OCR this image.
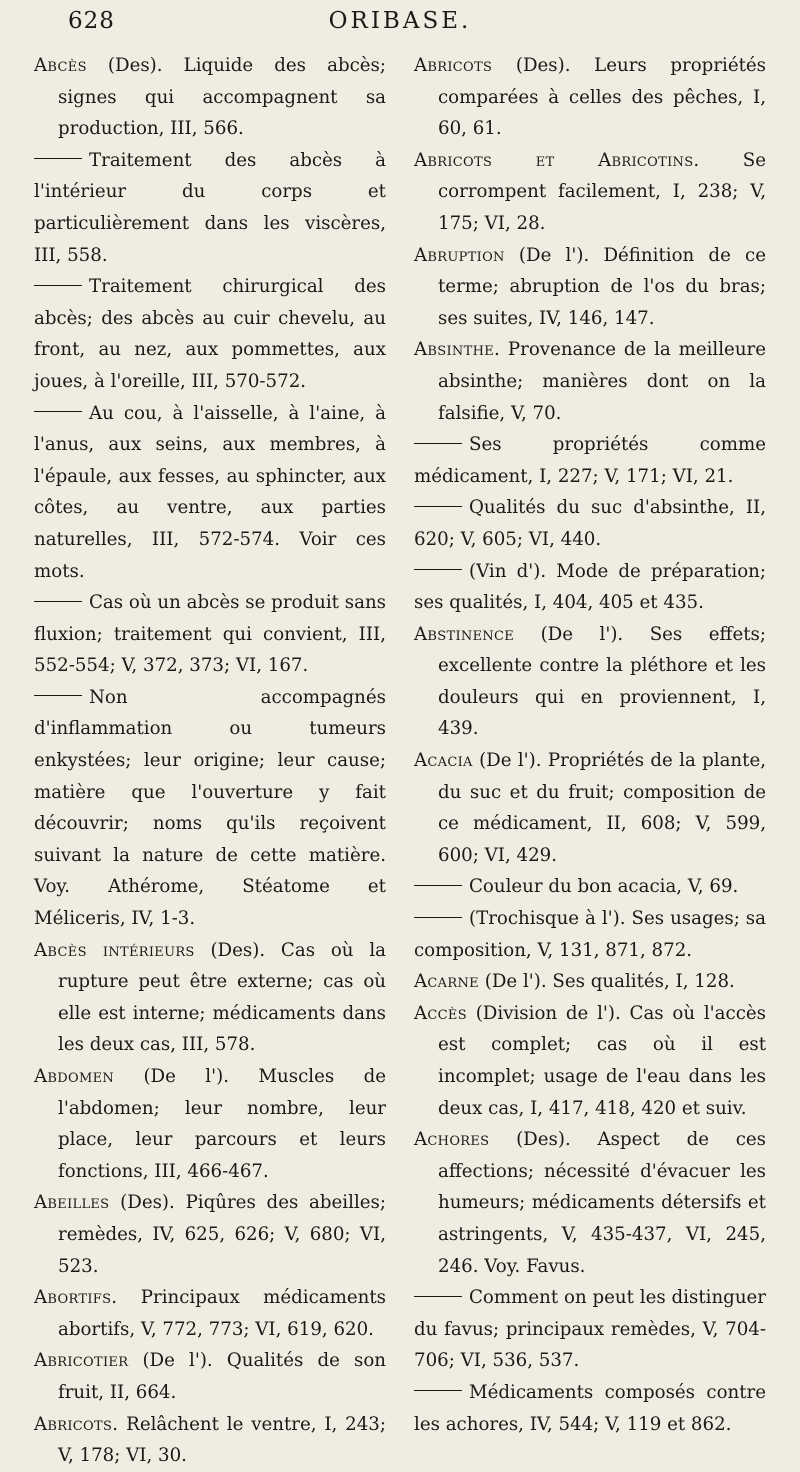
628	ORIBASE.

Abcès (Des). Liquide des abcès; signes qui accompagnent sa production, III, 566.

Traitement des abcès à l'intérieur du corps et particulièrement dans les viscères, III, 558.

Traitement chirurgical des abcès; des abcès au cuir chevelu, au front, au nez, aux pommettes, aux joues, à l'oreille, III, 570-572.

Au cou, à l'aisselle, à l'aine, à l'anus, aux seins, aux membres, à l'épaule, aux fesses, au sphincter, aux côtes, au ventre, aux parties naturelles, III, 572-574. Voir ces mots.

Cas où un abcès se produit sans fluxion; traitement qui convient, III, 552-554; V, 372, 373; VI, 167.

Non accompagnés d'inflammation ou tumeurs enkystées; leur origine; leur cause; matière que l'ouverture y fait découvrir; noms qu'ils reçoivent suivant la nature de cette matière. Voy. Athérome, Stéatome et Méliceris, IV, 1-3.

Abcès intérieurs (Des). Cas où la rupture peut être externe; cas où elle est interne; médicaments dans les deux cas, III, 578.

Abdomen (De l'). Muscles de l'abdomen; leur nombre, leur place, leur parcours et leurs fonctions, III, 466-467.

Abeilles (Des). Piqûres des abeilles; remèdes, IV, 625, 626; V, 680; VI, 523.

Abortifs. Principaux médicaments abortifs, V, 772, 773; VI, 619, 620.

Abricotier (De l'). Qualités de son fruit, II, 664.

Abricots. Relâchent le ventre, I, 243; V, 178; VI, 30.

Abricots (Des). Leurs propriétés comparées à celles des pêches, I, 60, 61.

Abricots et Abricotins. Se corrompent facilement, I, 238; V, 175; VI, 28.

Abruption (De l'). Définition de ce terme; abruption de l'os du bras; ses suites, IV, 146, 147.

Absinthe. Provenance de la meilleure absinthe; manières dont on la falsifie, V, 70.

Ses propriétés comme médicament, I, 227; V, 171; VI, 21.

Qualités du suc d'absinthe, II, 620; V, 605; VI, 440.

(Vin d'). Mode de préparation; ses qualités, I, 404, 405 et 435.

Abstinence (De l'). Ses effets; excellente contre la pléthore et les douleurs qui en proviennent, I, 439.

Acacia (De l'). Propriétés de la plante, du suc et du fruit; composition de ce médicament, II, 608; V, 599, 600; VI, 429.

Couleur du bon acacia, V, 69.

(Trochisque à l'). Ses usages; sa composition, V, 131, 871, 872.

Acarne (De l'). Ses qualités, I, 128.

Accès (Division de l'). Cas où l'accès est complet; cas où il est incomplet; usage de l'eau dans les deux cas, I, 417, 418, 420 et suiv.

Achores (Des). Aspect de ces affections; nécessité d'évacuer les humeurs; médicaments détersifs et astringents, V, 435-437, VI, 245, 246. Voy. Favus.

Comment on peut les distinguer du favus; principaux remèdes, V, 704-706; VI, 536, 537.

Médicaments composés contre les achores, IV, 544; V, 119 et 862.
